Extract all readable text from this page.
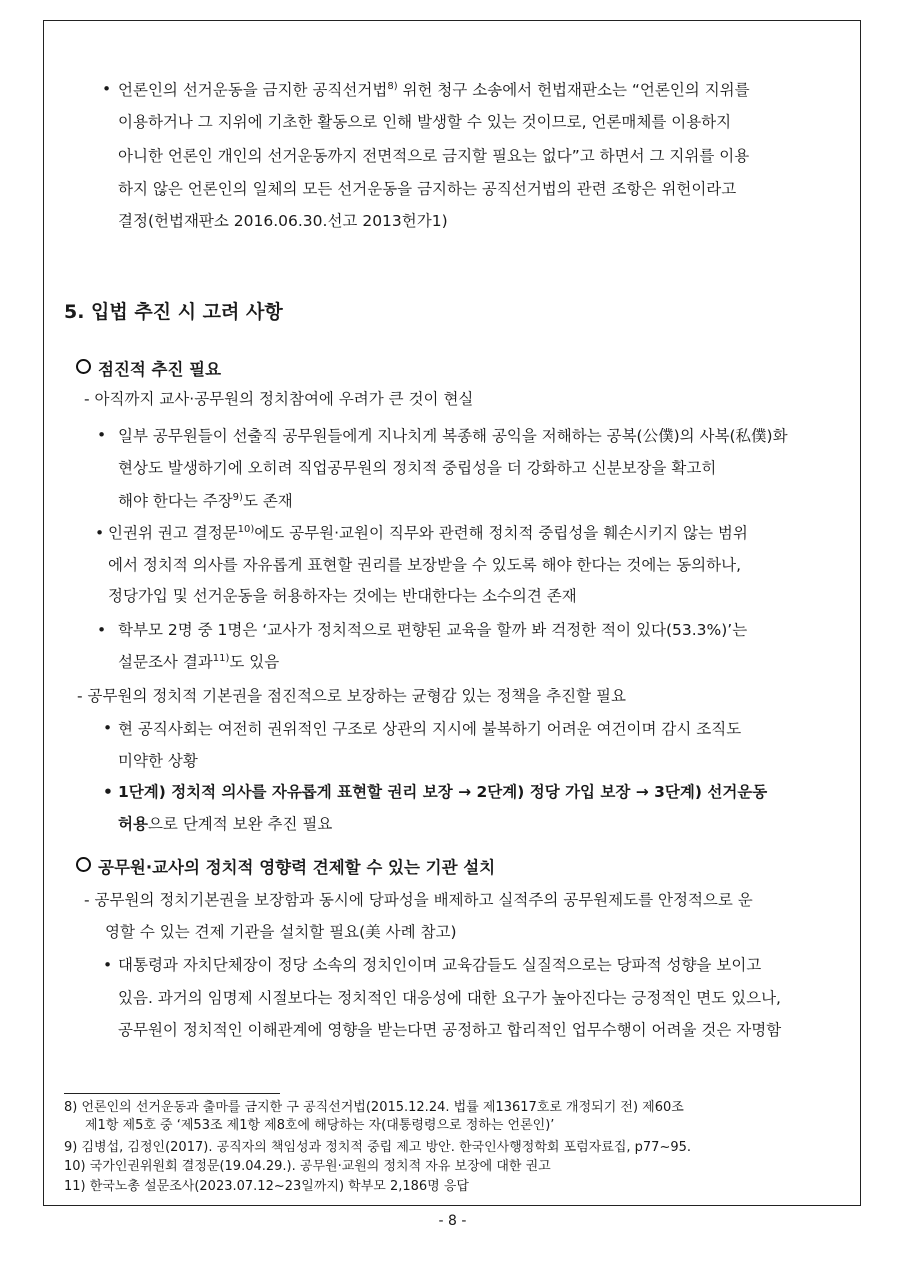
• 언론인의 선거운동을 금지한 공직선거법$^{8)}$ 위헌 청구 소송에서 헌법재판소는 “언론인의 지위를

이용하거나 그 지위에 기초한 활동으로 인해 발생할 수 있는 것이므로, 언론매체를 이용하지

아니한 언론인 개인의 선거운동까지 전면적으로 금지할 필요는 없다”고 하면서 그 지위를 이용

하지 않은 언론인의 일체의 모든 선거운동을 금지하는 공직선거법의 관련 조항은 위헌이라고

결정(헌법재판소 2016.06.30.선고 2013헌가1)

5. 입법 추진 시 고려 사항
점진적 추진 필요

- 아직까지 교사·공무원의 정치참여에 우려가 큰 것이 현실

• 일부 공무원들이 선출직 공무원들에게 지나치게 복종해 공익을 저해하는 공복(公僕)의 사복(私僕)화

현상도 발생하기에 오히려 직업공무원의 정치적 중립성을 더 강화하고 신분보장을 확고히

해야 한다는 주장$^{9)}$도 존재

• 인권위 권고 결정문$^{10)}$에도 공무원·교원이 직무와 관련해 정치적 중립성을 훼손시키지 않는 범위

에서 정치적 의사를 자유롭게 표현할 권리를 보장받을 수 있도록 해야 한다는 것에는 동의하나,

정당가입 및 선거운동을 허용하자는 것에는 반대한다는 소수의견 존재

• 학부모 2명 중 1명은 ‘교사가 정치적으로 편향된 교육을 할까 봐 걱정한 적이 있다(53.3%)’는

설문조사 결과$^{11)}$도 있음

- 공무원의 정치적 기본권을 점진적으로 보장하는 균형감 있는 정책을 추진할 필요

• 현 공직사회는 여전히 권위적인 구조로 상관의 지시에 불복하기 어려운 여건이며 감시 조직도

미약한 상황

• 1단계) 정치적 의사를 자유롭게 표현할 권리 보장 → 2단계) 정당 가입 보장 → 3단계) 선거운동

허용으로 단계적 보완 추진 필요

공무원·교사의 정치적 영향력 견제할 수 있는 기관 설치

- 공무원의 정치기본권을 보장함과 동시에 당파성을 배제하고 실적주의 공무원제도를 안정적으로 운

영할 수 있는 견제 기관을 설치할 필요(美 사례 참고)

• 대통령과 자치단체장이 정당 소속의 정치인이며 교육감들도 실질적으로는 당파적 성향을 보이고

있음. 과거의 임명제 시절보다는 정치적인 대응성에 대한 요구가 높아진다는 긍정적인 면도 있으나,

공무원이 정치적인 이해관계에 영향을 받는다면 공정하고 합리적인 업무수행이 어려울 것은 자명함

8) 언론인의 선거운동과 출마를 금지한 구 공직선거법(2015.12.24. 법률 제13617호로 개정되기 전) 제60조

제1항 제5호 중 ‘제53조 제1항 제8호에 해당하는 자(대통령령으로 정하는 언론인)’

9) 김병섭, 김정인(2017). 공직자의 책임성과 정치적 중립 제고 방안. 한국인사행정학회 포럼자료집, p77~95.

10) 국가인권위원회 결정문(19.04.29.). 공무원·교원의 정치적 자유 보장에 대한 권고

11) 한국노총 설문조사(2023.07.12~23일까지) 학부모 2,186명 응답

- 8 -
